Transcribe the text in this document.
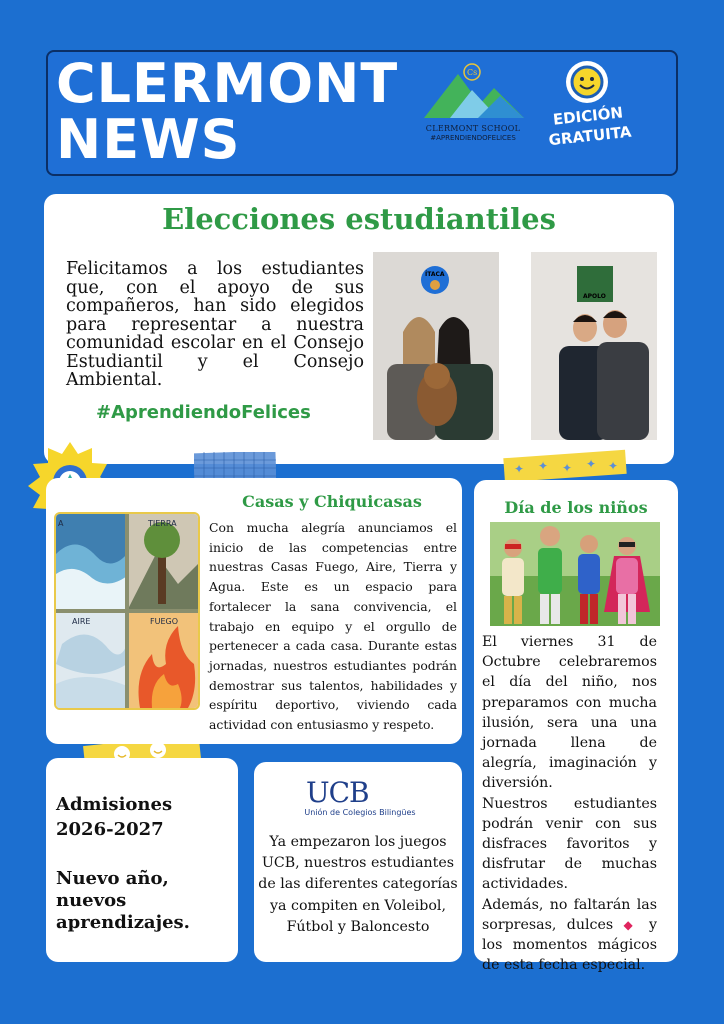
CLERMONT
NEWS
Cs
CLERMONT SCHOOL
#APRENDIENDOFELICES
EDICIÓN
GRATUITA
Elecciones estudiantiles
Felicitamos a los estudiantes que, con el apoyo de sus compañeros, han sido elegidos para representar a nuestra comunidad escolar en el Consejo Estudiantil y el Consejo Ambiental.
#AprendiendoFelices
ÍTACA
APOLO
✦ ✦ ✦ ✦ ✦
Casas y Chiquicasas
Con mucha alegría anunciamos el inicio de las competencias entre nuestras Casas Fuego, Aire, Tierra y Agua. Este es un espacio para fortalecer la sana convivencia, el trabajo en equipo y el orgullo de pertenecer a cada casa. Durante estas jornadas, nuestros estudiantes podrán demostrar sus talentos, habilidades y espíritu deportivo, viviendo cada actividad con entusiasmo y respeto.
A	TIERRA
AIRE	FUEGO
Día de los niños
El viernes 31 de Octubre celebraremos el día del niño, nos preparamos con mucha ilusión, sera una una jornada llena de alegría, imaginación y diversión.
Nuestros estudiantes podrán venir con sus disfraces favoritos y disfrutar de muchas actividades.
Además, no faltarán las sorpresas, dulces ◆ y los momentos mágicos de esta fecha especial.
Admisiones
2026-2027
Nuevo año,
nuevos
aprendizajes.
UCB
Unión de Colegios Bilingües
Ya empezaron los juegos UCB, nuestros estudiantes de las diferentes categorías ya compiten en Voleibol, Fútbol y Baloncesto
